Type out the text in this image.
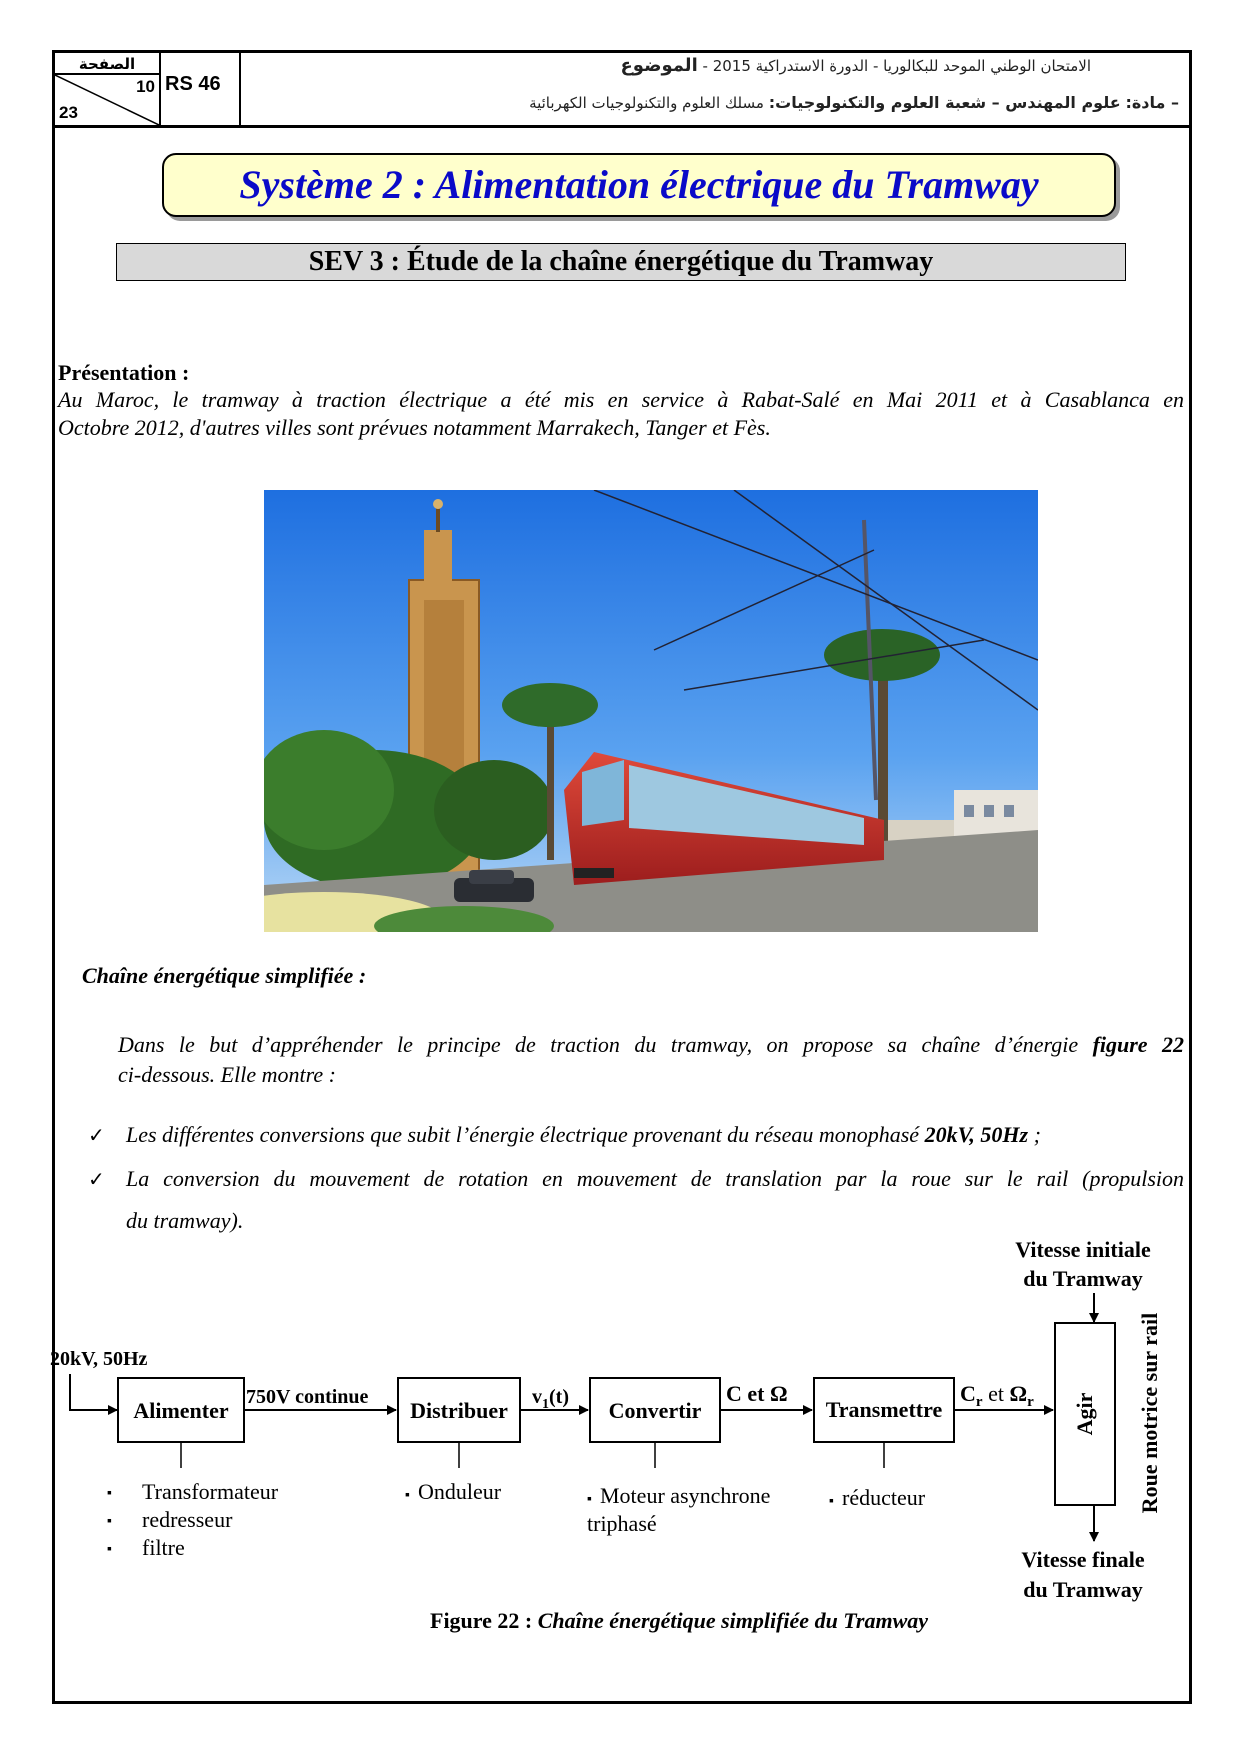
الصفحة
10
23
RS 46
الامتحان الوطني الموحد للبكالوريا - الدورة الاستدراكية 2015 - الموضوع
– مادة: علوم المهندس – شعبة العلوم والتكنولوجيات: مسلك العلوم والتكنولوجيات الكهربائية
Système 2 : Alimentation électrique du Tramway
SEV 3 : Étude de la chaîne énergétique du Tramway
Présentation :
Au Maroc, le tramway à traction électrique a été mis en service à Rabat-Salé en Mai 2011 et à Casablanca en
Octobre 2012, d'autres villes sont prévues notamment Marrakech, Tanger et Fès.
Chaîne énergétique simplifiée :
Dans le but d’appréhender le principe de traction du tramway, on propose sa chaîne d’énergie figure 22
ci-dessous. Elle montre :
✓ Les différentes conversions que subit l’énergie électrique provenant du réseau monophasé 20kV, 50Hz ;
✓ La conversion du mouvement de rotation en mouvement de translation par la roue sur le rail (propulsion
du tramway).
Vitesse initiale
du Tramway
20kV, 50Hz
Alimenter
750V continue
Distribuer
$v_1(t)$
Convertir
C et Ω
Transmettre
$C_r$ et $\Omega_r$ Agir Roue motrice sur rail
Vitesse finale
du Tramway
▪ Transformateur
▪ redresseur
▪ filtre
▪ Onduleur	▪ Moteur asynchrone
triphasé
▪ réducteur
Figure 22 : Chaîne énergétique simplifiée du Tramway
